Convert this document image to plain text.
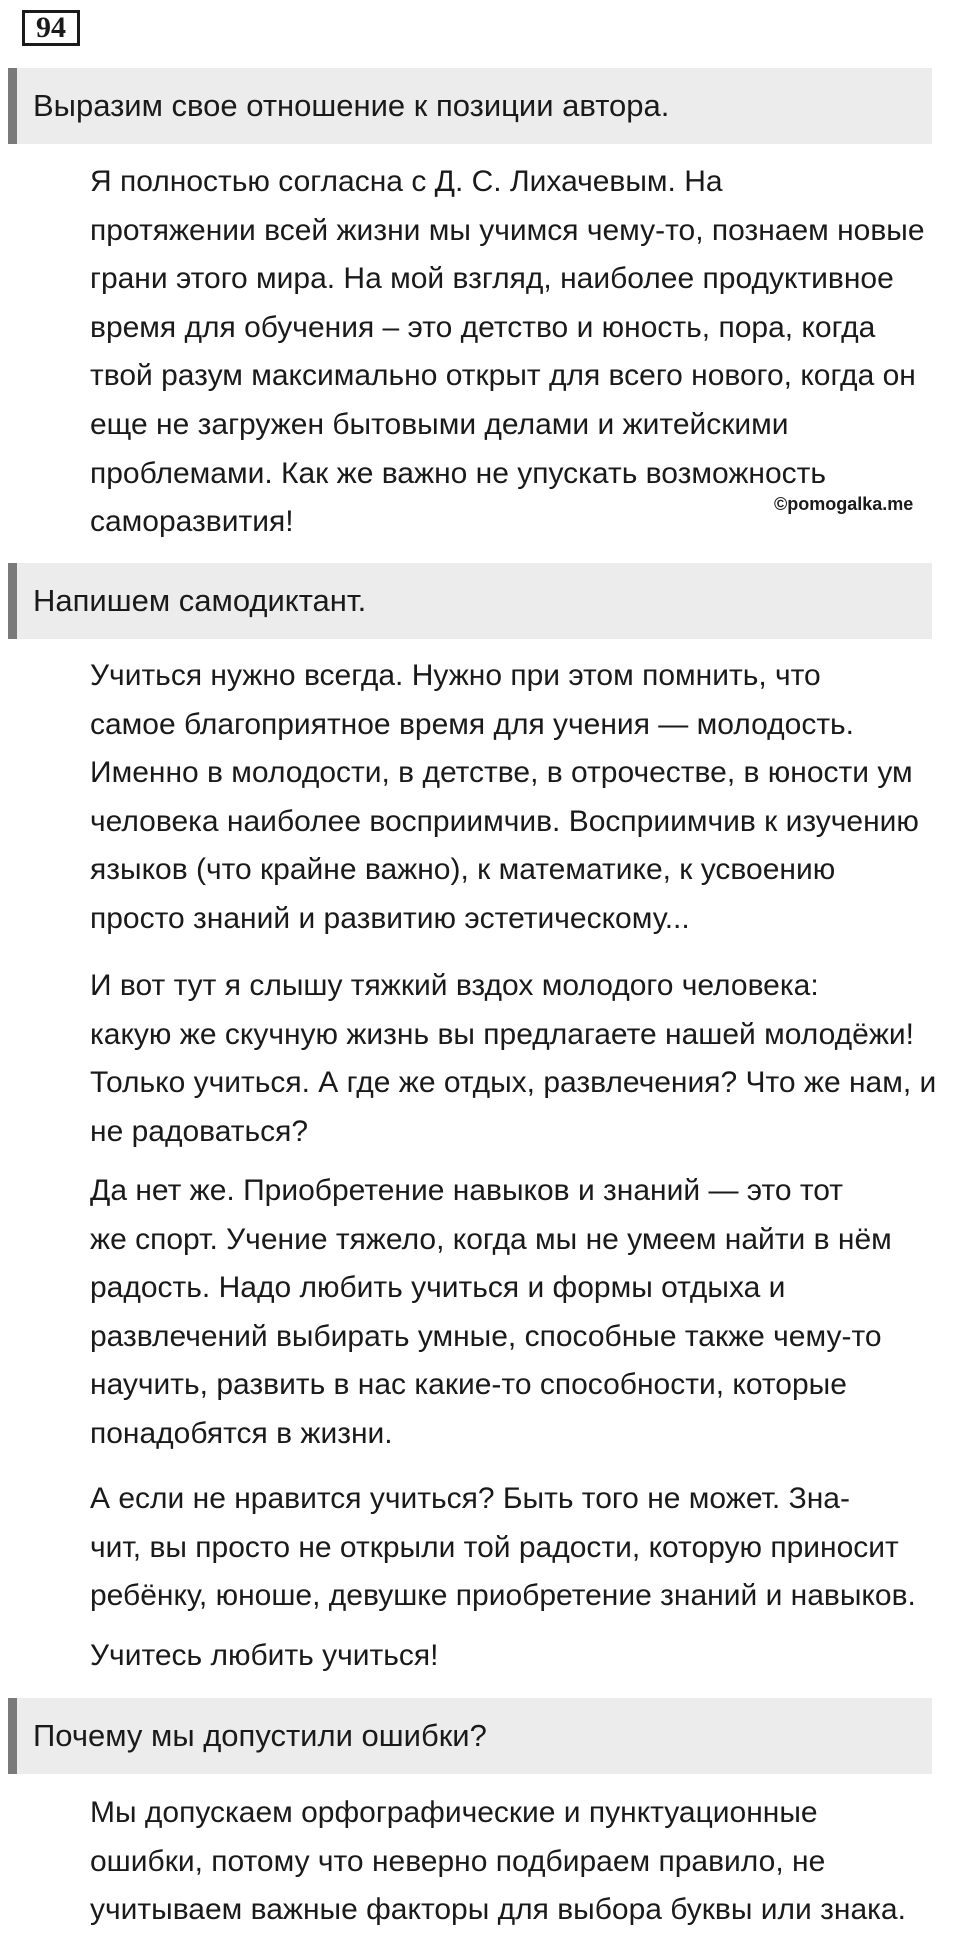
94
Выразим свое отношение к позиции автора.

Я полностью согласна с Д. С. Лихачевым. На
протяжении всей жизни мы учимся чему-то, познаем новые
грани этого мира. На мой взгляд, наиболее продуктивное
время для обучения – это детство и юность, пора, когда
твой разум максимально открыт для всего нового, когда он
еще не загружен бытовыми делами и житейскими
проблемами. Как же важно не упускать возможность
саморазвития!

©pomogalka.me
Напишем самодиктант.

Учиться нужно всегда. Нужно при этом помнить, что
самое благоприятное время для учения — молодость.
Именно в молодости, в детстве, в отрочестве, в юности ум
человека наиболее восприимчив. Восприимчив к изучению
языков (что крайне важно), к математике, к усвоению
просто знаний и развитию эстетическому...

И вот тут я слышу тяжкий вздох молодого человека:
какую же скучную жизнь вы предлагаете нашей молодёжи!
Только учиться. А где же отдых, развлечения? Что же нам, и
не радоваться?

Да нет же. Приобретение навыков и знаний — это тот
же спорт. Учение тяжело, когда мы не умеем найти в нём
радость. Надо любить учиться и формы отдыха и
развлечений выбирать умные, способные также чему-то
научить, развить в нас какие-то способности, которые
понадобятся в жизни.

А если не нравится учиться? Быть того не может. Зна-
чит, вы просто не открыли той радости, которую приносит
ребёнку, юноше, девушке приобретение знаний и навыков.

Учитесь любить учиться!

Почему мы допустили ошибки?

Мы допускаем орфографические и пунктуационные
ошибки, потому что неверно подбираем правило, не
учитываем важные факторы для выбора буквы или знака.
